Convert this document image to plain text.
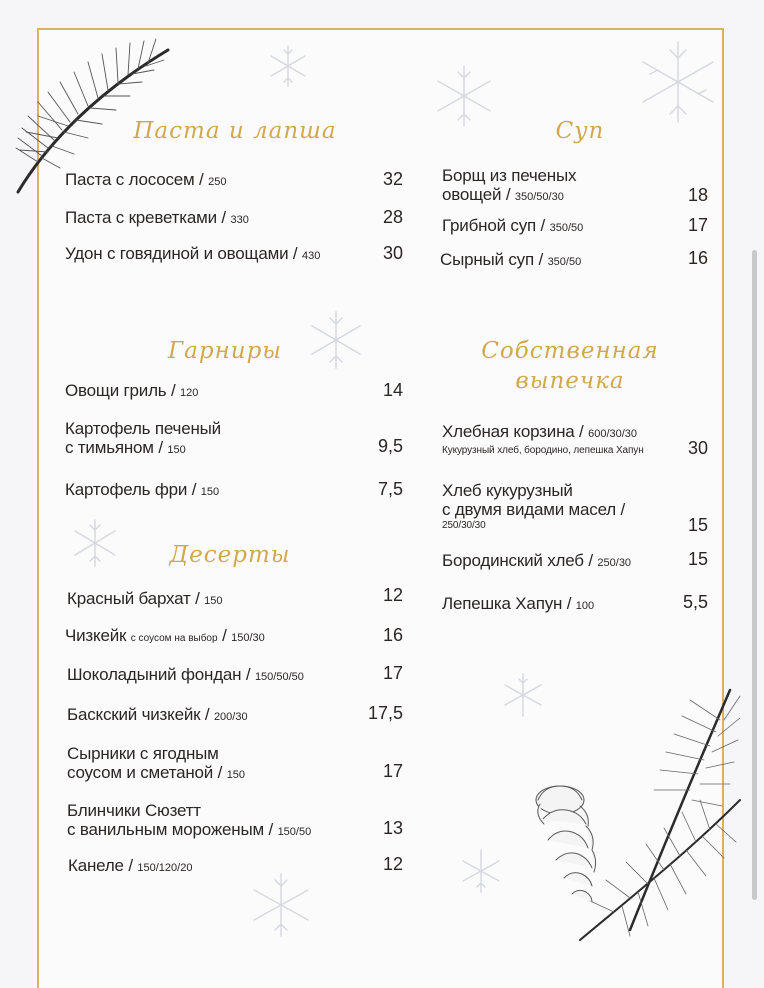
Паста и лапша
Паста с лососем / 250	32
Паста с креветками / 330	28
Удон с говядиной и овощами / 430	30
Суп
Борщ из печеных
овощей / 350/50/30	18
Грибной суп / 350/50	17
Сырный суп / 350/50	16
Гарниры
Овощи гриль / 120	14
Картофель печеный
с тимьяном / 150	9,5
Картофель фри / 150	7,5
Собственная
выпечка
Хлебная корзина / 600/30/30
Кукурузный хлеб, бородино, лепешка Хапун	30
Хлеб кукурузный
с двумя видами масел /
250/30/30	15
Бородинский хлеб / 250/30	15
Лепешка Хапун / 100	5,5
Десерты
Красный бархат / 150	12
Чизкейк с соусом на выбор / 150/30	16
Шоколадыний фондан / 150/50/50	17
Баскский чизкейк / 200/30	17,5
Сырники с ягодным
соусом и сметаной / 150	17
Блинчики Сюзетт
с ванильным мороженым / 150/50	13
Канеле / 150/120/20	12
